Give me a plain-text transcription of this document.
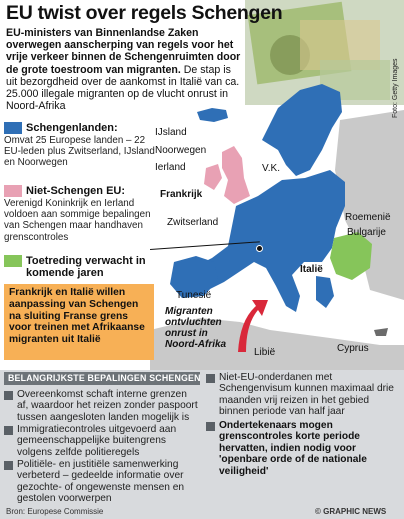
EU twist over regels Schengen
EU-ministers van Binnenlandse Zaken overwegen aanscherping van regels voor het vrije verkeer binnen de Schengenruimten door de grote toestroom van migranten. De stap is uit bezorgdheid over de aankomst in Italië van ca. 25.000 illegale migranten op de vlucht onrust in Noord-Afrika	Foto: Getty Images
Schengenlanden:
Omvat 25 Europese landen – 22 EU-leden plus Zwitserland, IJsland en Noorwegen
Niet-Schengen EU:
Verenigd Koninkrijk en Ierland voldoen aan sommige bepalingen van Schengen maar handhaven grenscontroles
Toetreding verwacht in komende jaren
Frankrijk en Italië willen aanpassing van Schengen na sluiting Franse grens voor treinen met Afrikaanse migranten uit Italië
IJsland
Noorwegen
Ierland	V.K.
Frankrijk
Zwitserland	Roemenië
Bulgarije
Italië
Tunesië
Migranten ontvluchten onrust in Noord-Afrika
Libië	Cyprus
BELANGRIJKSTE BEPALINGEN SCHENGEN
Overeenkomst schaft interne grenzen af, waardoor het reizen zonder paspoort tussen aangesloten landen mogelijk is
Immigratiecontroles uitgevoerd aan gemeenschappelijke buitengrens volgens zelfde politieregels
Politiële- en justitiële samenwerking verbeterd – gedeelde informatie over gezochte- of ongewenste mensen en gestolen voorwerpen
Niet-EU-onderdanen met Schengenvisum kunnen maximaal drie maanden vrij reizen in het gebied binnen periode van half jaar
Ondertekenaars mogen grenscontroles korte periode hervatten, indien nodig voor 'openbare orde of de nationale veiligheid'
Bron: Europese Commissie	© GRAPHIC NEWS
